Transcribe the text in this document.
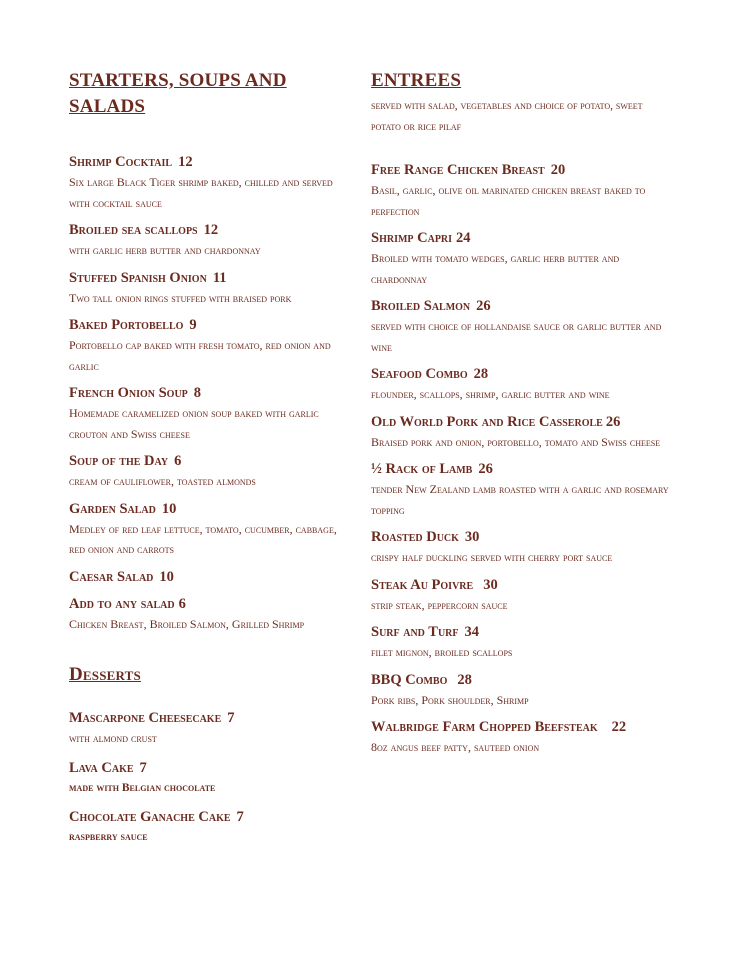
STARTERS, SOUPS AND SALADS
Shrimp Cocktail 12
Six large Black Tiger shrimp baked, chilled and served with cocktail sauce
Broiled sea scallops 12
with garlic herb butter and chardonnay
Stuffed Spanish Onion 11
Two tall onion rings stuffed with braised pork
Baked Portobello 9
Portobello cap baked with fresh tomato, red onion and garlic
French Onion Soup 8
Homemade caramelized onion soup baked with garlic crouton and Swiss cheese
Soup of the Day 6
cream of cauliflower, toasted almonds
Garden Salad 10
Medley of red leaf lettuce, tomato, cucumber, cabbage, red onion and carrots
Caesar Salad 10
Add to any salad 6
Chicken Breast, Broiled Salmon, Grilled Shrimp
Desserts
Mascarpone Cheesecake 7
with almond crust
Lava Cake 7
made with Belgian chocolate
Chocolate Ganache Cake 7
raspberry sauce
ENTREES
served with salad, vegetables and choice of potato, sweet potato or rice pilaf
Free Range Chicken Breast 20
Basil, garlic, olive oil marinated chicken breast baked to perfection
Shrimp Capri 24
Broiled with tomato wedges, garlic herb butter and chardonnay
Broiled Salmon 26
served with choice of hollandaise sauce or garlic butter and wine
Seafood Combo 28
flounder, scallops, shrimp, garlic butter and wine
Old World Pork and Rice Casserole 26
Braised pork and onion, portobello, tomato and Swiss cheese
½ Rack of Lamb 26
tender New Zealand lamb roasted with a garlic and rosemary topping
Roasted Duck 30
crispy half duckling served with cherry port sauce
Steak Au Poivre 30
strip steak, peppercorn sauce
Surf and Turf 34
filet mignon, broiled scallops
BBQ Combo 28
Pork ribs, Pork shoulder, Shrimp
Walbridge Farm Chopped Beefsteak 22
8oz angus beef patty, sauteed onion
